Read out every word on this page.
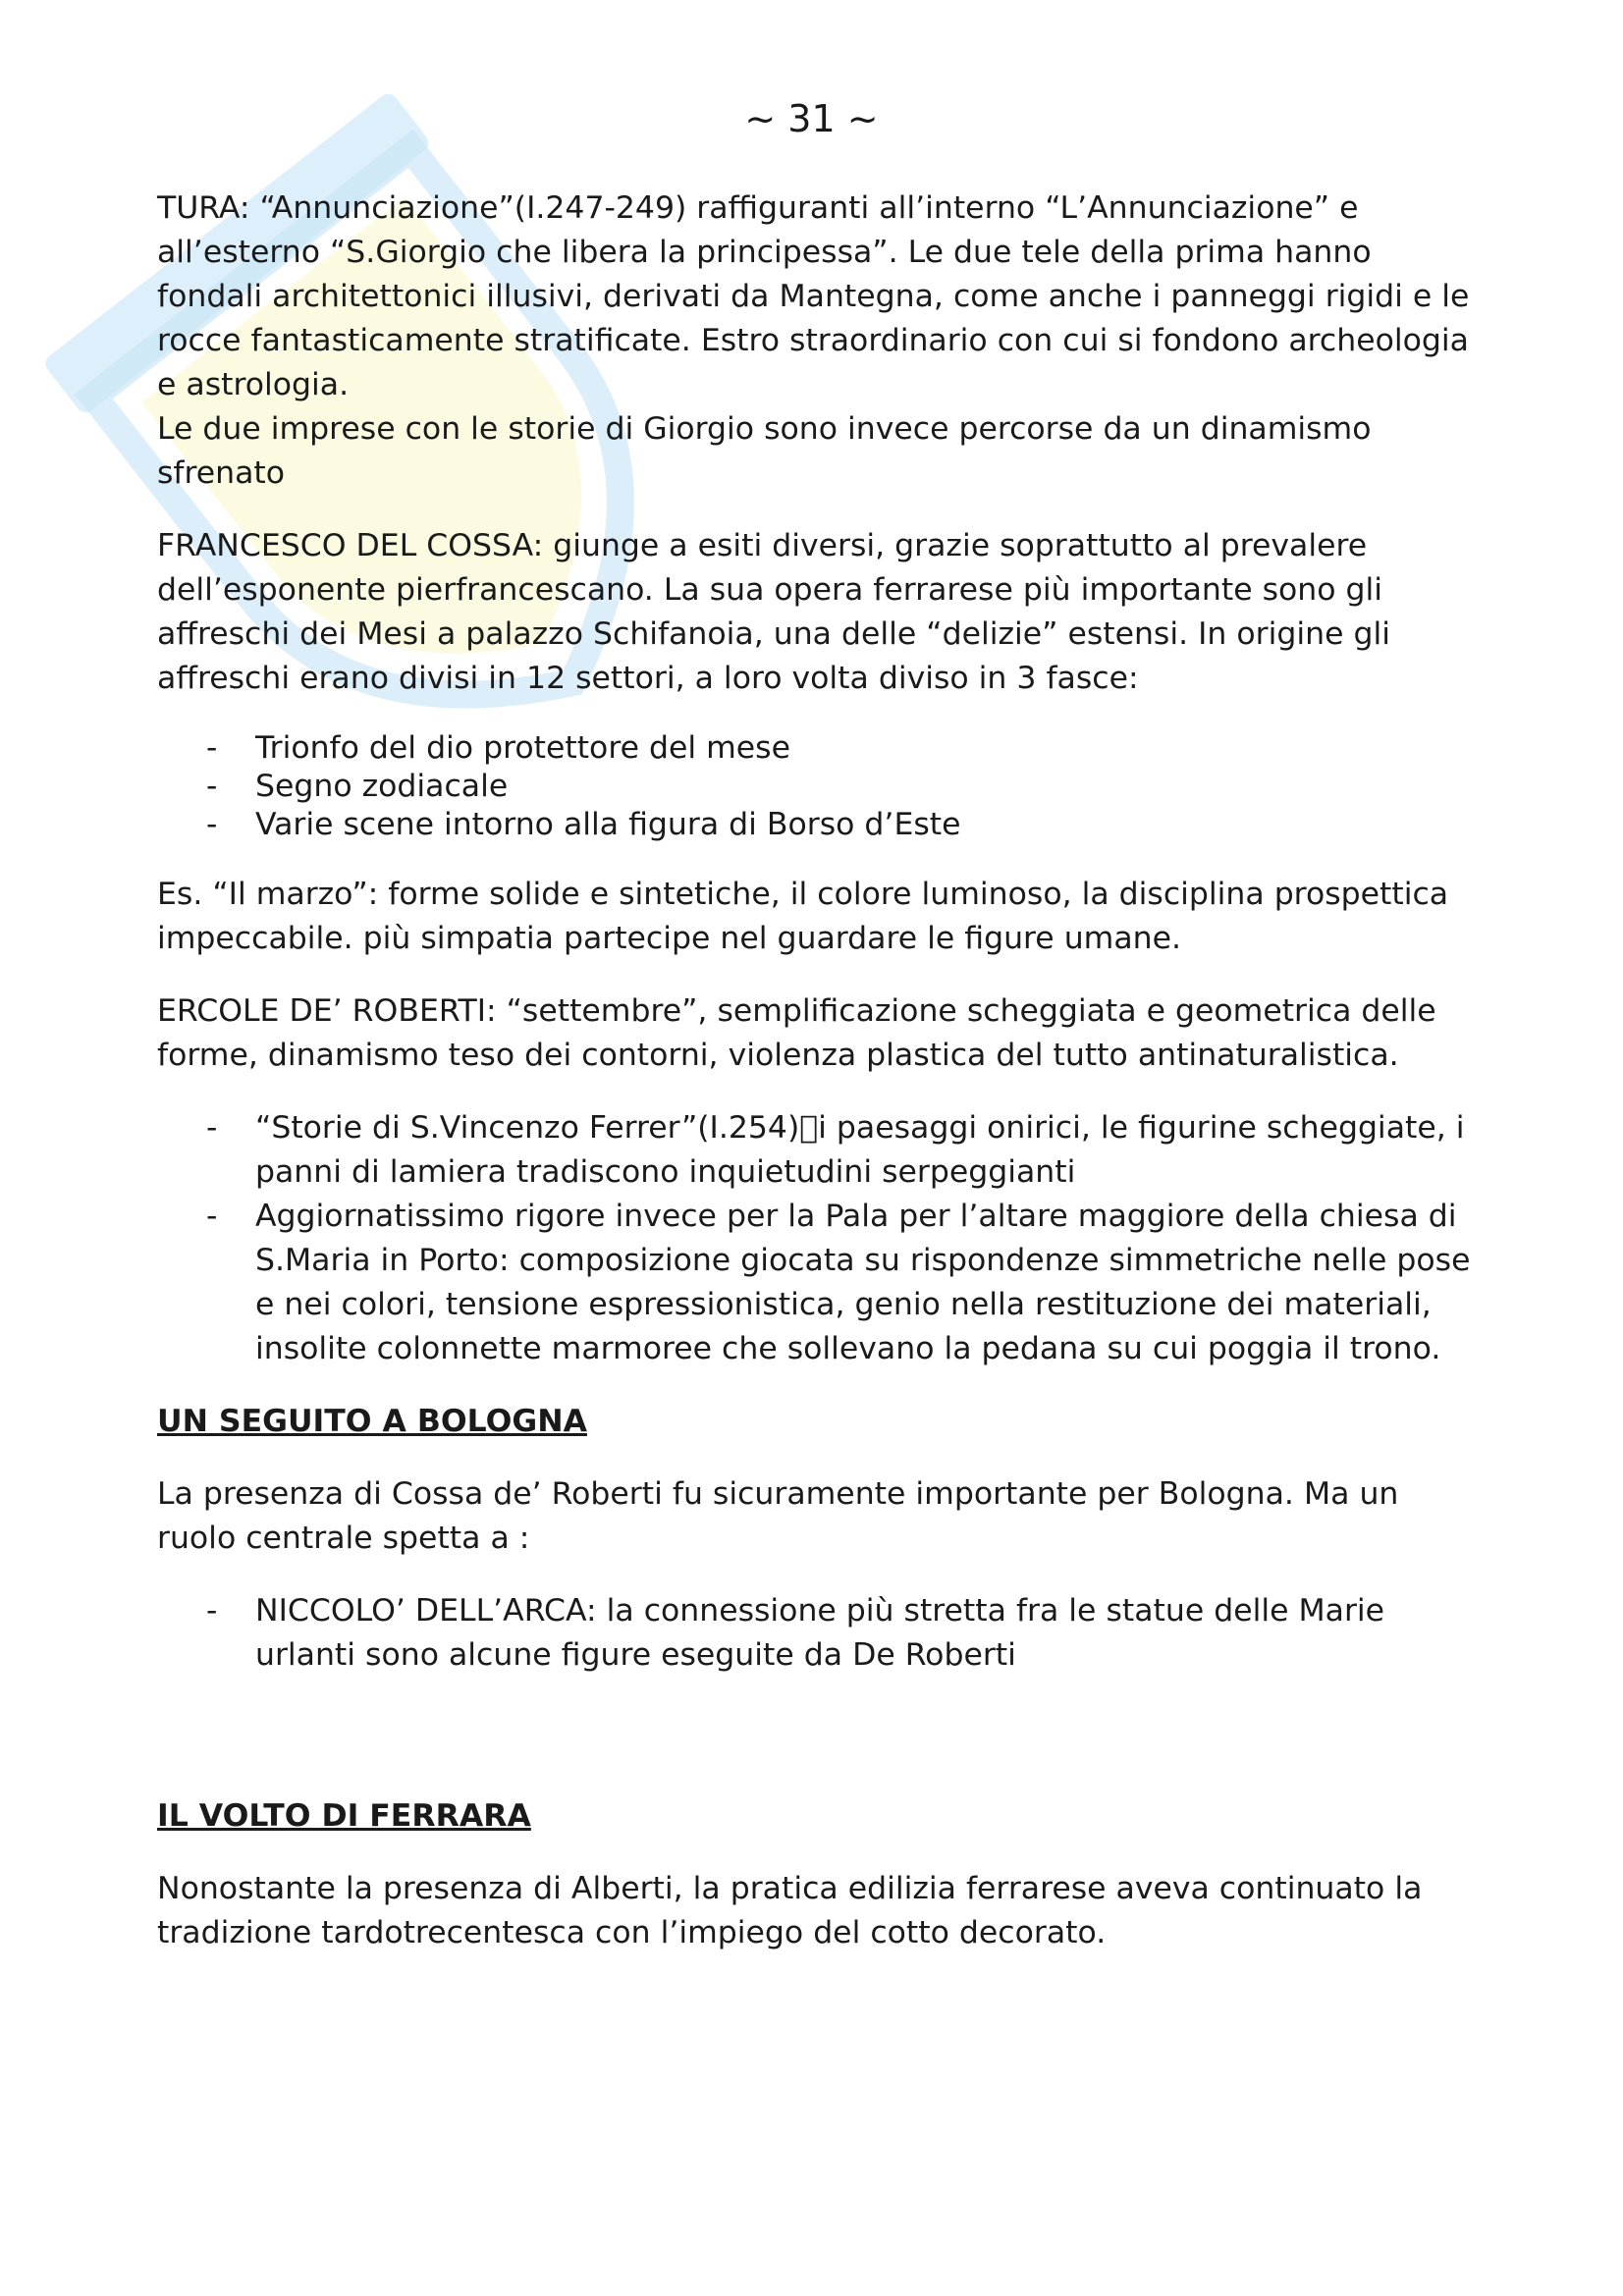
~ 31 ~

TURA: “Annunciazione”(I.247-249) raffiguranti all’interno “L’Annunciazione” e all’esterno “S.Giorgio che libera la principessa”. Le due tele della prima hanno fondali architettonici illusivi, derivati da Mantegna, come anche i panneggi rigidi e le rocce fantasticamente stratificate. Estro straordinario con cui si fondono archeologia e astrologia.

Le due imprese con le storie di Giorgio sono invece percorse da un dinamismo sfrenato

FRANCESCO DEL COSSA: giunge a esiti diversi, grazie soprattutto al prevalere dell’esponente pierfrancescano. La sua opera ferrarese più importante sono gli affreschi dei Mesi a palazzo Schifanoia, una delle “delizie” estensi. In origine gli affreschi erano divisi in 12 settori, a loro volta diviso in 3 fasce:

- Trionfo del dio protettore del mese
- Segno zodiacale
- Varie scene intorno alla figura di Borso d’Este

Es. “Il marzo”: forme solide e sintetiche, il colore luminoso, la disciplina prospettica impeccabile. più simpatia partecipe nel guardare le figure umane.

ERCOLE DE’ ROBERTI: “settembre”, semplificazione scheggiata e geometrica delle forme, dinamismo teso dei contorni, violenza plastica del tutto antinaturalistica.

- “Storie di S.Vincenzo Ferrer”(I.254) i paesaggi onirici, le figurine scheggiate, i panni di lamiera tradiscono inquietudini serpeggianti
- Aggiornatissimo rigore invece per la Pala per l’altare maggiore della chiesa di S.Maria in Porto: composizione giocata su rispondenze simmetriche nelle pose e nei colori, tensione espressionistica, genio nella restituzione dei materiali, insolite colonnette marmoree che sollevano la pedana su cui poggia il trono.
UN SEGUITO A BOLOGNA

La presenza di Cossa de’ Roberti fu sicuramente importante per Bologna. Ma un ruolo centrale spetta a :

- NICCOLO’ DELL’ARCA: la connessione più stretta fra le statue delle Marie urlanti sono alcune figure eseguite da De Roberti
IL VOLTO DI FERRARA

Nonostante la presenza di Alberti, la pratica edilizia ferrarese aveva continuato la tradizione tardotrecentesca con l’impiego del cotto decorato.
